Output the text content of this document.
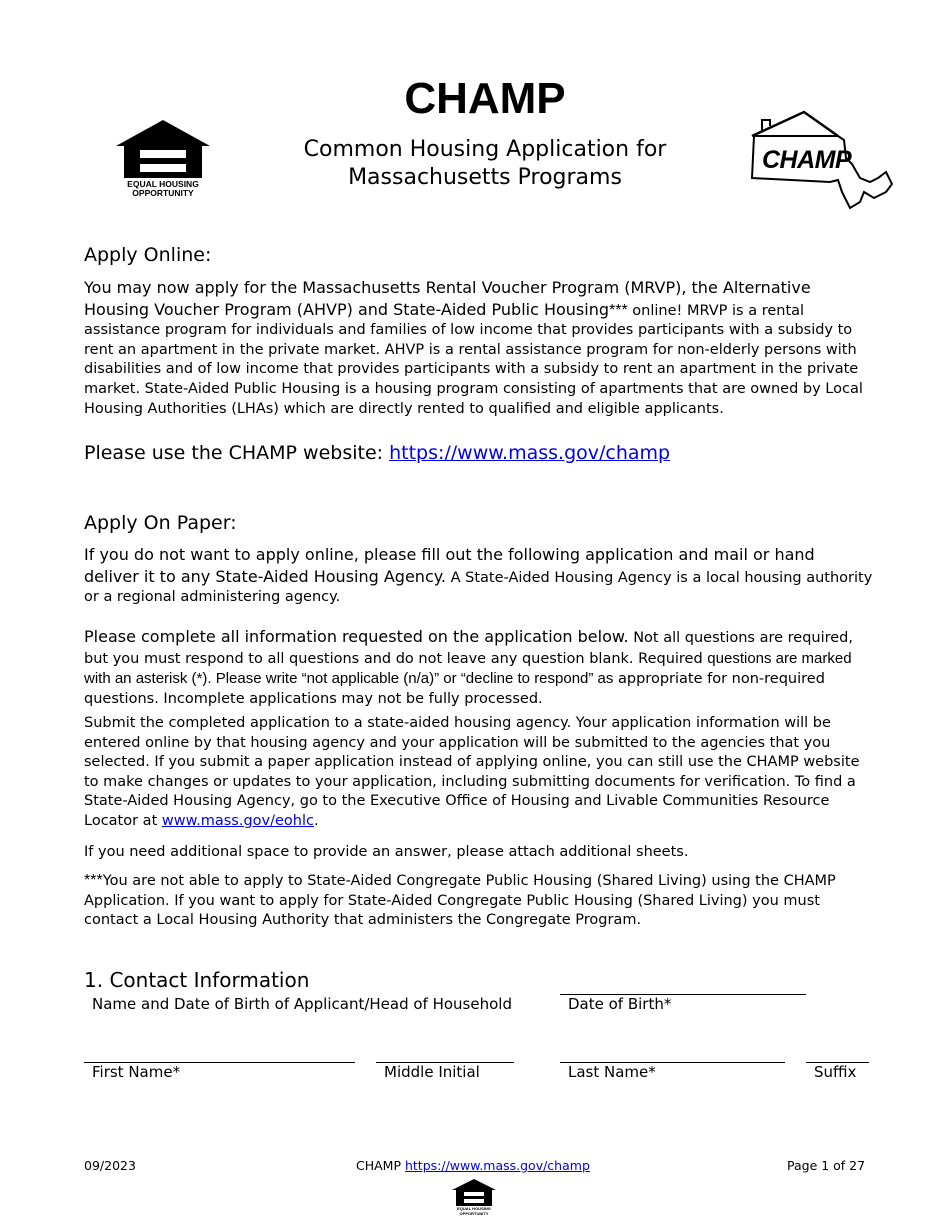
CHAMP
EQUAL HOUSING OPPORTUNITY
Common Housing Application for Massachusetts Programs
CHAMP
Apply Online:
You may now apply for the Massachusetts Rental Voucher Program (MRVP), the Alternative Housing Voucher Program (AHVP) and State-Aided Public Housing*** online! MRVP is a rental assistance program for individuals and families of low income that provides participants with a subsidy to rent an apartment in the private market. AHVP is a rental assistance program for non-elderly persons with disabilities and of low income that provides participants with a subsidy to rent an apartment in the private market. State-Aided Public Housing is a housing program consisting of apartments that are owned by Local Housing Authorities (LHAs) which are directly rented to qualified and eligible applicants.
Please use the CHAMP website: https://www.mass.gov/champ
Apply On Paper:
If you do not want to apply online, please fill out the following application and mail or hand deliver it to any State-Aided Housing Agency. A State-Aided Housing Agency is a local housing authority or a regional administering agency.
Please complete all information requested on the application below. Not all questions are required, but you must respond to all questions and do not leave any question blank. Required questions are marked with an asterisk (*). Please write “not applicable (n/a)” or “decline to respond” as appropriate for non-required questions. Incomplete applications may not be fully processed.
Submit the completed application to a state-aided housing agency. Your application information will be entered online by that housing agency and your application will be submitted to the agencies that you selected. If you submit a paper application instead of applying online, you can still use the CHAMP website to make changes or updates to your application, including submitting documents for verification. To find a State-Aided Housing Agency, go to the Executive Office of Housing and Livable Communities Resource Locator at www.mass.gov/eohlc.
If you need additional space to provide an answer, please attach additional sheets.
***You are not able to apply to State-Aided Congregate Public Housing (Shared Living) using the CHAMP Application. If you want to apply for State-Aided Congregate Public Housing (Shared Living) you must contact a Local Housing Authority that administers the Congregate Program.
1. Contact Information
Name and Date of Birth of Applicant/Head of Household	Date of Birth*
First Name*	Middle Initial	Last Name*	Suffix
09/2023	CHAMP https://www.mass.gov/champ	Page 1 of 27
EQUAL HOUSING OPPORTUNITY
